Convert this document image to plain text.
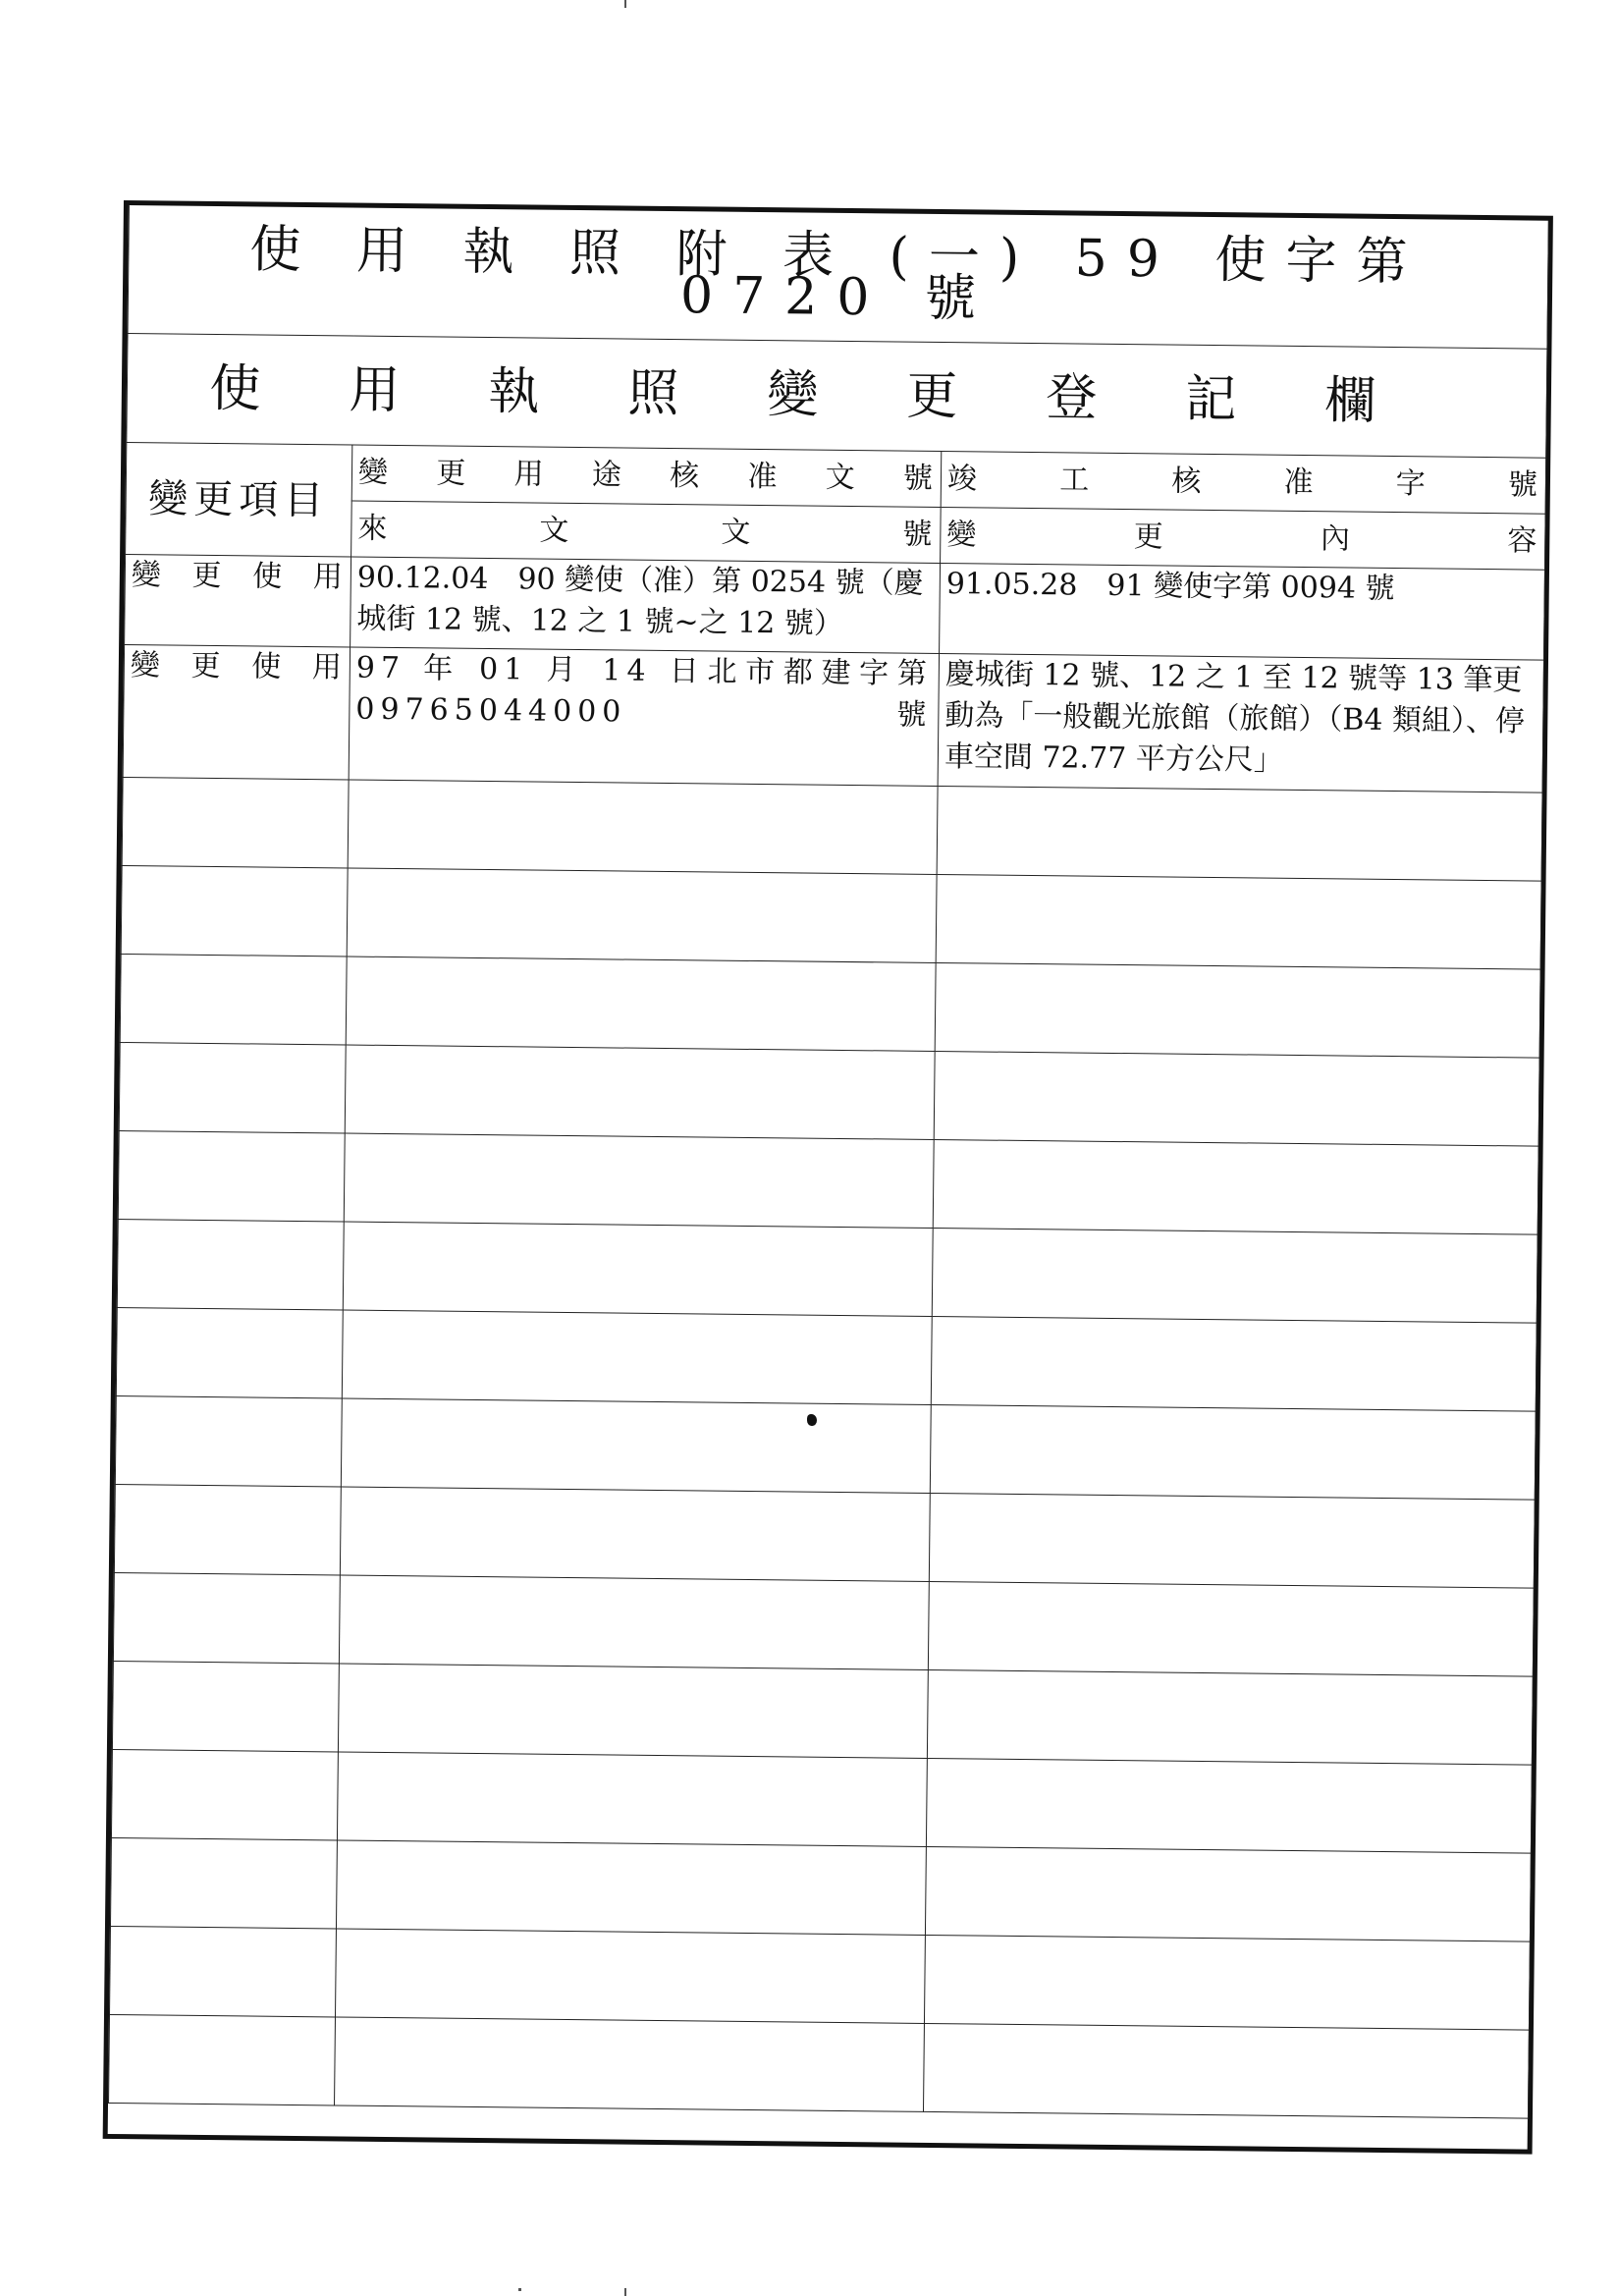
使 用 執 照 附 表 (一) 59 使字第 0720 號		
使用執照變更登記欄		
變更項目	變更用途核准文號	竣工核准字號

	來文文號	變更內容

變更使用	90.12.04　90 變使（准）第 0254 號（慶城街 12 號、12 之 1 號~之 12 號）	91.05.28　91 變使字第 0094 號

變更使用	97 年 01 月 14 日北市都建字第 09765044000 號	慶城街 12 號、12 之 1 至 12 號等 13 筆更動為「一般觀光旅館（旅館）（B4 類組）、停車空間 72.77 平方公尺」
